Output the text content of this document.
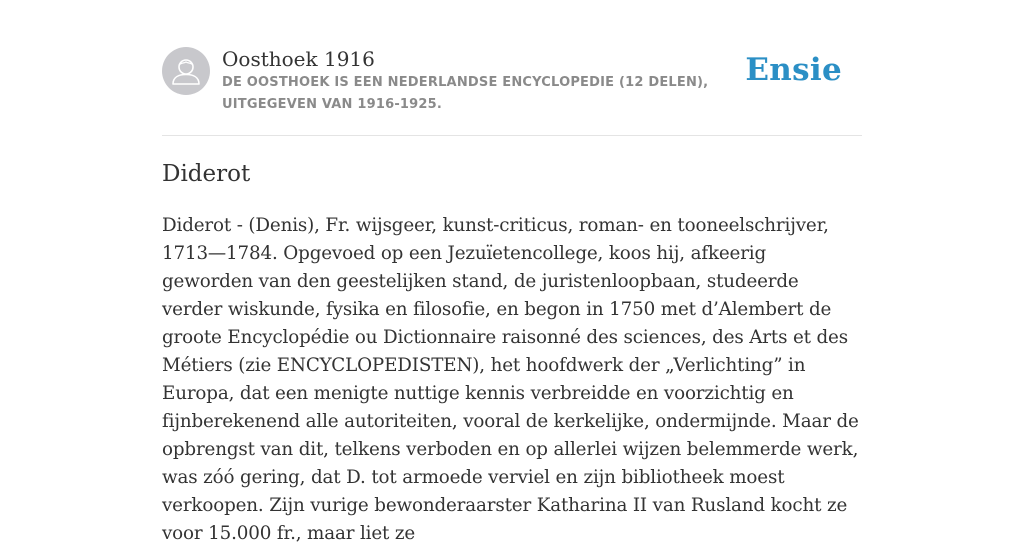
Oosthoek 1916

DE OOSTHOEK IS EEN NEDERLANDSE ENCYCLOPEDIE (12 DELEN), UITGEGEVEN VAN 1916-1925.

Ensie
Diderot

Diderot - (Denis), Fr. wijsgeer, kunst-criticus, roman- en tooneelschrijver, 1713—1784. Opgevoed op een Jezuïetencollege, koos hij, afkeerig geworden van den geestelijken stand, de juristenloopbaan, studeerde verder wiskunde, fysika en filosofie, en begon in 1750 met d’Alembert de groote Encyclopédie ou Dictionnaire raisonné des sciences, des Arts et des Métiers (zie ENCYCLOPEDISTEN), het hoofdwerk der „Verlichting” in Europa, dat een menigte nuttige kennis verbreidde en voorzichtig en fijnberekenend alle autoriteiten, vooral de kerkelijke, ondermijnde. Maar de opbrengst van dit, telkens verboden en op allerlei wijzen belemmerde werk, was zóó gering, dat D. tot armoede verviel en zijn bibliotheek moest verkoopen. Zijn vurige bewonderaarster Katharina II van Rusland kocht ze voor 15.000 fr., maar liet ze
